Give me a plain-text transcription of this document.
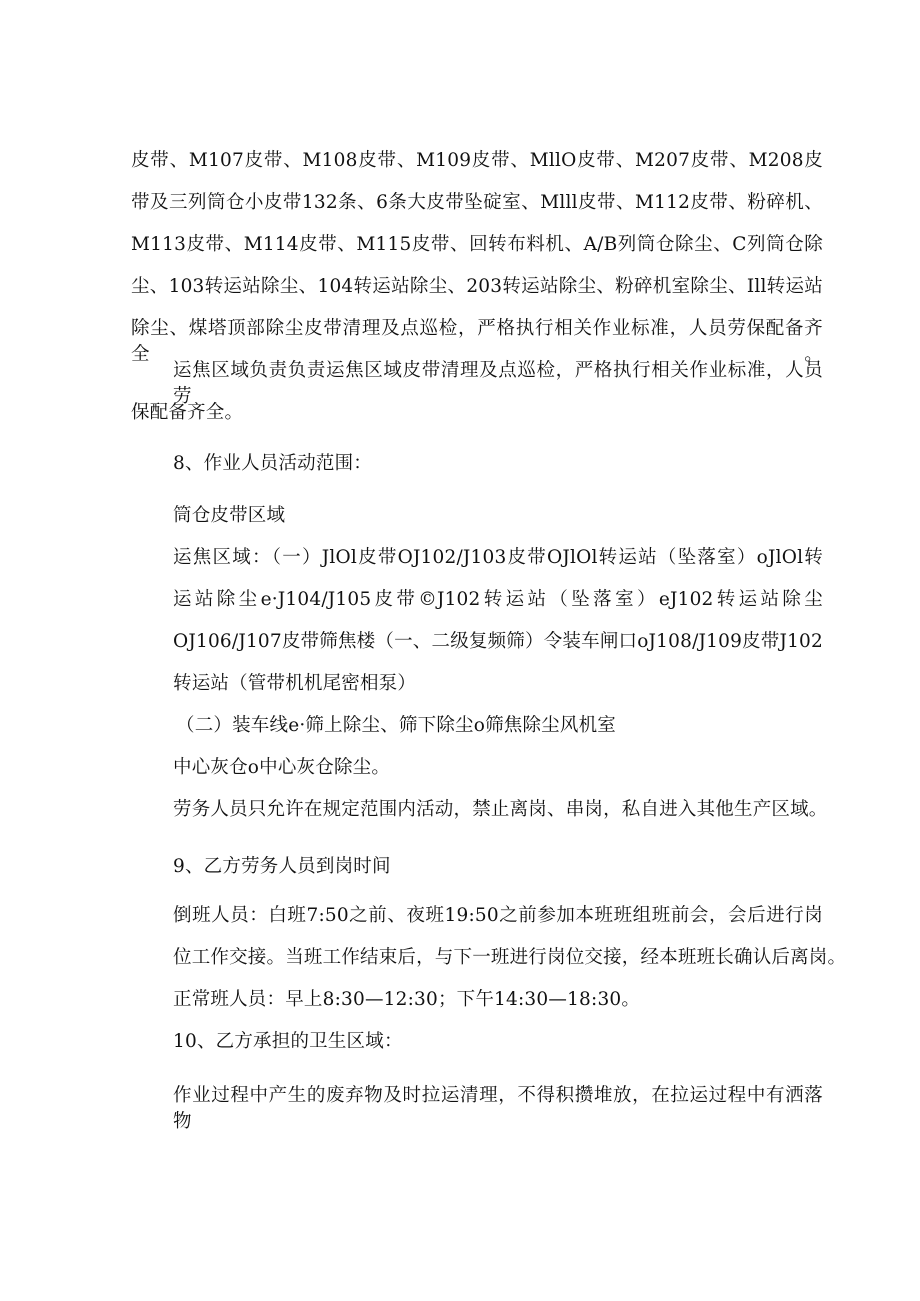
皮带、M107皮带、M108皮带、M109皮带、MllO皮带、M207皮带、M208皮
带及三列筒仓小皮带132条、6条大皮带坠碇室、Mlll皮带、M112皮带、粉碎机、
M113皮带、M114皮带、M115皮带、回转布料机、A/B列筒仓除尘、C列筒仓除
尘、103转运站除尘、104转运站除尘、203转运站除尘、粉碎机室除尘、Ill转运站
除尘、煤塔顶部除尘皮带清理及点巡检，严格执行相关作业标准，人员劳保配备齐全。
运焦区域负责负责运焦区域皮带清理及点巡检，严格执行相关作业标准，人员劳
保配备齐全。
8、作业人员活动范围：
筒仓皮带区域
运焦区域：（一）JlOl皮带OJ102/J103皮带OJlOl转运站（坠落室）oJlOl转
运站除尘e·J104/J105皮带©J102转运站（坠落室）eJ102转运站除尘
OJ106/J107皮带筛焦楼（一、二级复频筛）令装车闸口oJ108/J109皮带J102
转运站（管带机机尾密相泵）
（二）装车线e·筛上除尘、筛下除尘o筛焦除尘风机室
中心灰仓o中心灰仓除尘。
劳务人员只允许在规定范围内活动，禁止离岗、串岗，私自进入其他生产区域。
9、乙方劳务人员到岗时间
倒班人员：白班7:50之前、夜班19:50之前参加本班班组班前会，会后进行岗
位工作交接。当班工作结束后，与下一班进行岗位交接，经本班班长确认后离岗。
正常班人员：早上8:30—12:30；下午14:30—18:30。
10、乙方承担的卫生区域：
作业过程中产生的废弃物及时拉运清理，不得积攒堆放，在拉运过程中有洒落物
